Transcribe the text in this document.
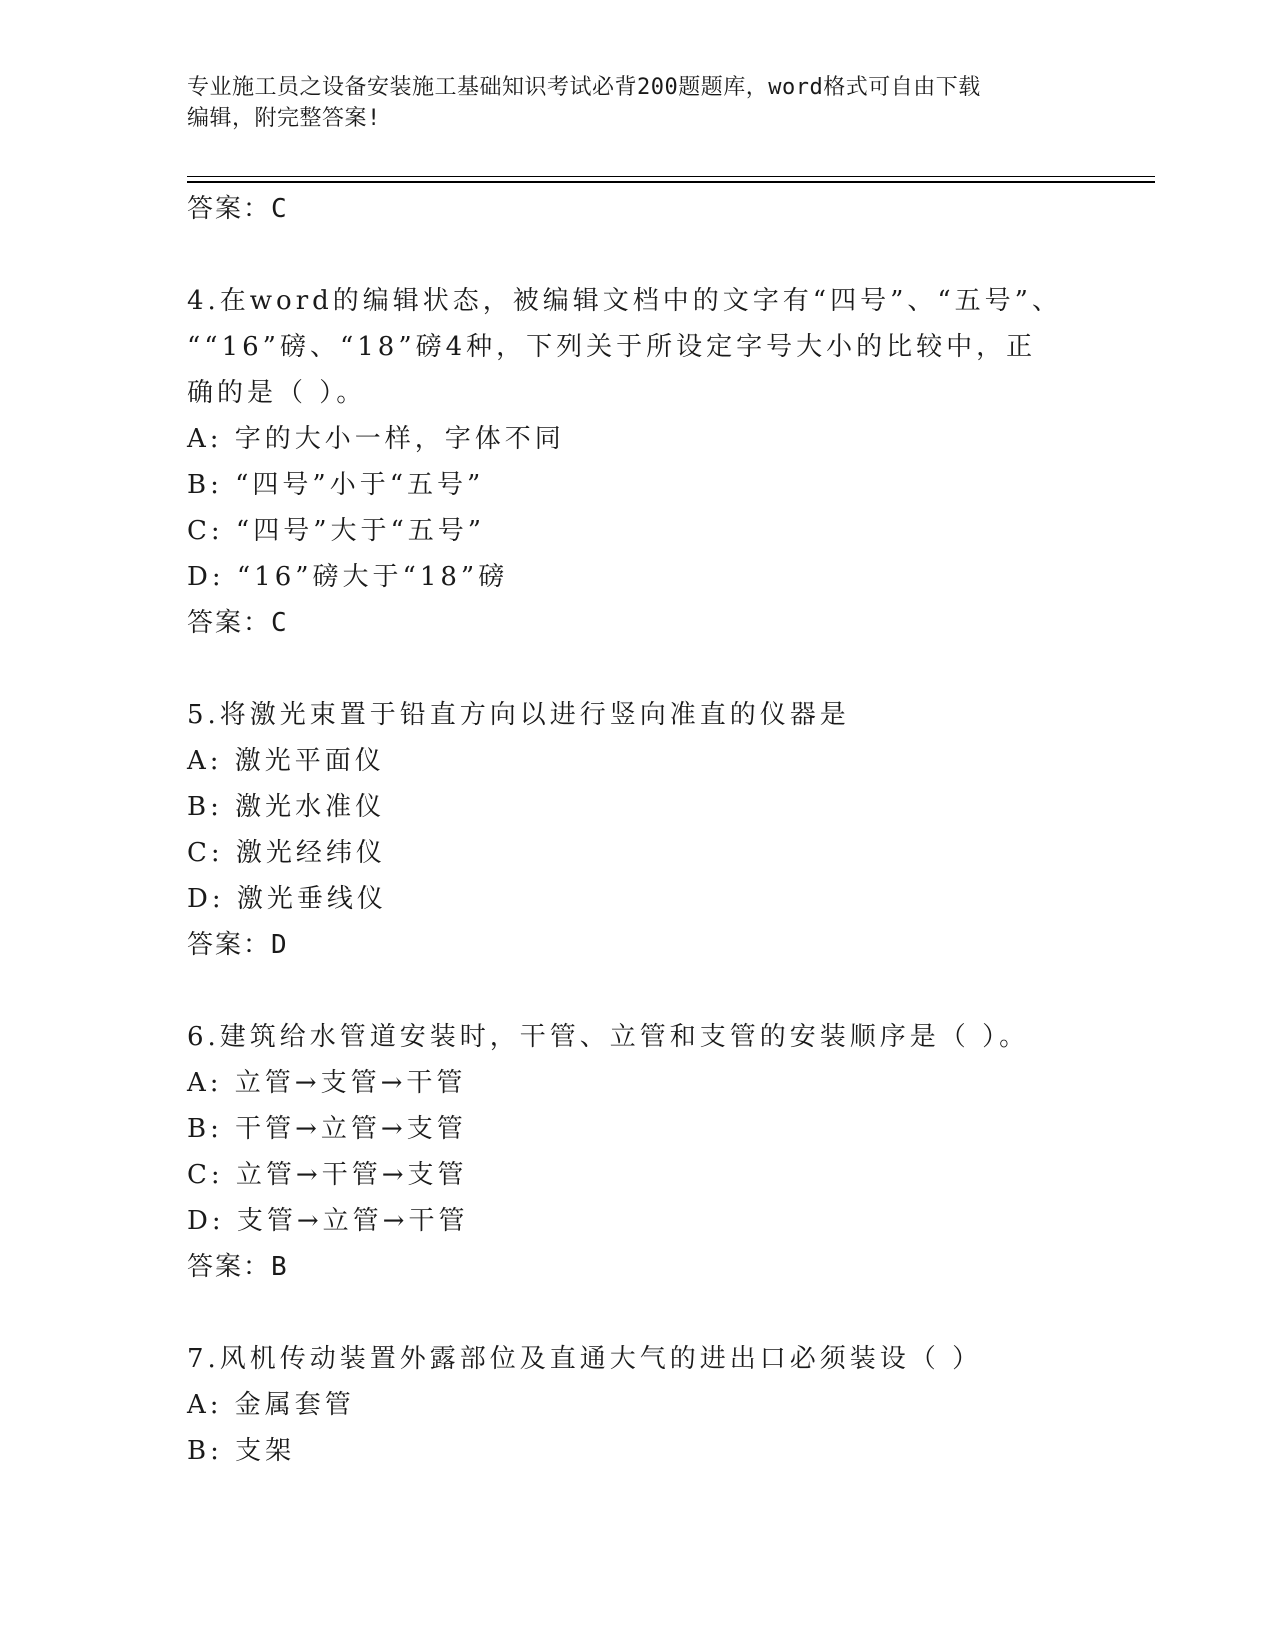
专业施工员之设备安装施工基础知识考试必背200题题库，word格式可自由下载
编辑，附完整答案!
答案：C
4.在word的编辑状态，被编辑文档中的文字有“四号”、“五号”、
““16”磅、“18”磅4种，下列关于所设定字号大小的比较中，正
确的是（ ）。
A: 字的大小一样，字体不同
B: “四号”小于“五号”
C: “四号”大于“五号”
D: “16”磅大于“18”磅
答案：C
5.将激光束置于铅直方向以进行竖向准直的仪器是
A: 激光平面仪
B: 激光水准仪
C: 激光经纬仪
D: 激光垂线仪
答案：D
6.建筑给水管道安装时，干管、立管和支管的安装顺序是（ ）。
A: 立管→支管→干管
B: 干管→立管→支管
C: 立管→干管→支管
D: 支管→立管→干管
答案：B
7.风机传动装置外露部位及直通大气的进出口必须装设（ ）
A: 金属套管
B: 支架
